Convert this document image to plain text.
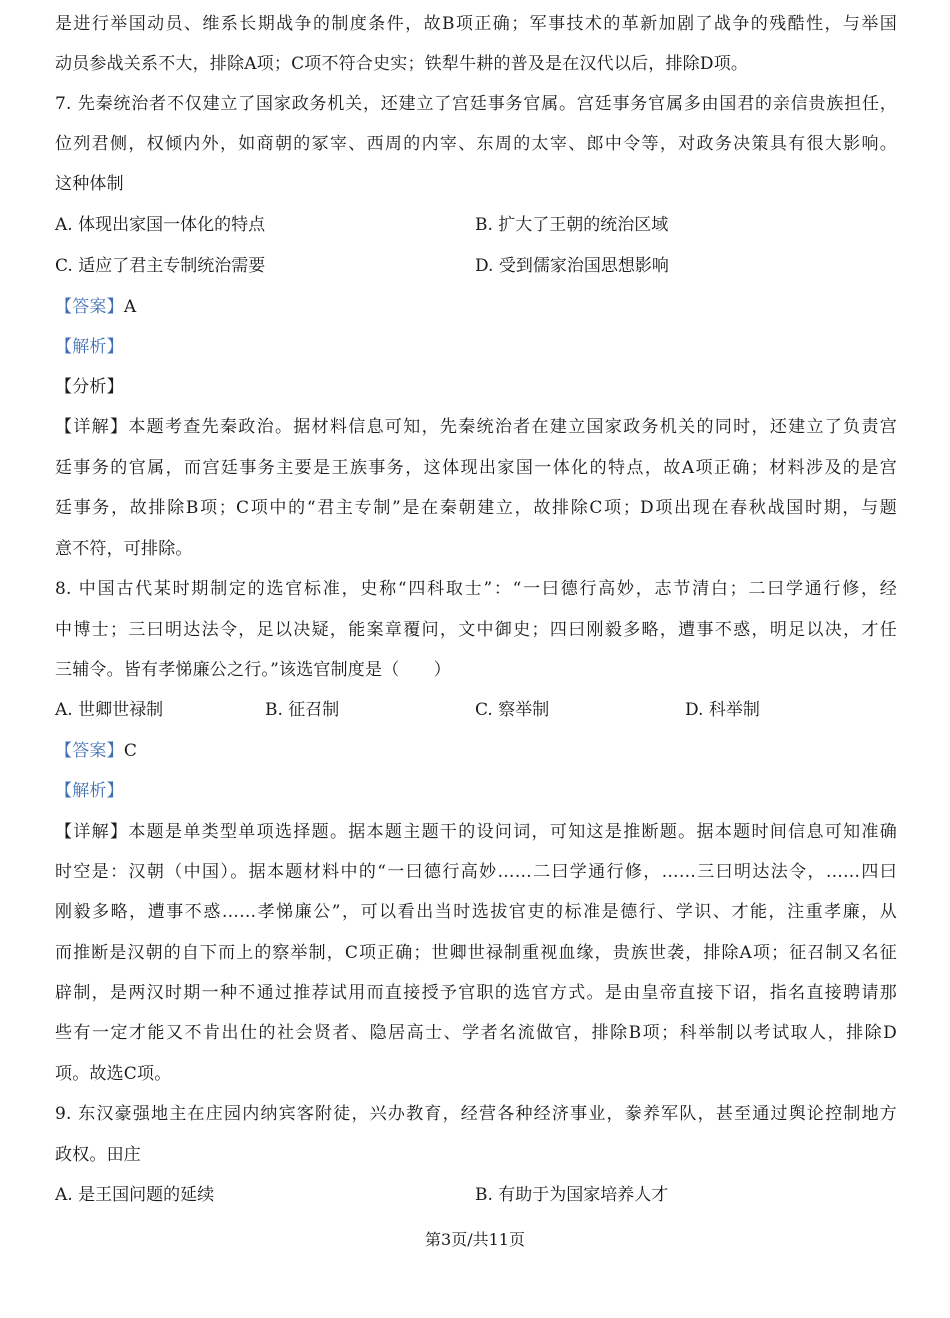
是进行举国动员、维系长期战争的制度条件，故B项正确；军事技术的革新加剧了战争的残酷性，与举国
动员参战关系不大，排除A项；C项不符合史实；铁犁牛耕的普及是在汉代以后，排除D项。
7. 先秦统治者不仅建立了国家政务机关，还建立了宫廷事务官属。宫廷事务官属多由国君的亲信贵族担任，
位列君侧，权倾内外，如商朝的冢宰、西周的内宰、东周的太宰、郎中令等，对政务决策具有很大影响。
这种体制
A. 体现出家国一体化的特点	B. 扩大了王朝的统治区域
C. 适应了君主专制统治需要	D. 受到儒家治国思想影响
【答案】A
【解析】
【分析】
【详解】本题考查先秦政治。据材料信息可知，先秦统治者在建立国家政务机关的同时，还建立了负责宫
廷事务的官属，而宫廷事务主要是王族事务，这体现出家国一体化的特点，故A项正确；材料涉及的是宫
廷事务，故排除B项；C项中的“君主专制”是在秦朝建立，故排除C项；D项出现在春秋战国时期，与题
意不符，可排除。
8. 中国古代某时期制定的选官标准，史称“四科取士”：“一曰德行高妙，志节清白；二曰学通行修，经
中博士；三曰明达法令，足以决疑，能案章覆问，文中御史；四曰刚毅多略，遭事不惑，明足以决，才任
三辅令。皆有孝悌廉公之行。”该选官制度是（　　）
A. 世卿世禄制	B. 征召制	C. 察举制	D. 科举制
【答案】C
【解析】
【详解】本题是单类型单项选择题。据本题主题干的设问词，可知这是推断题。据本题时间信息可知准确
时空是：汉朝（中国）。据本题材料中的“一曰德行高妙……二曰学通行修，……三曰明达法令，……四曰
刚毅多略，遭事不惑……孝悌廉公”，可以看出当时选拔官吏的标准是德行、学识、才能，注重孝廉，从
而推断是汉朝的自下而上的察举制，C项正确；世卿世禄制重视血缘，贵族世袭，排除A项；征召制又名征
辟制，是两汉时期一种不通过推荐试用而直接授予官职的选官方式。是由皇帝直接下诏，指名直接聘请那
些有一定才能又不肯出仕的社会贤者、隐居高士、学者名流做官，排除B项；科举制以考试取人，排除D
项。故选C项。
9. 东汉豪强地主在庄园内纳宾客附徒，兴办教育，经营各种经济事业，豢养军队，甚至通过舆论控制地方
政权。田庄
A. 是王国问题的延续	B. 有助于为国家培养人才
第3页/共11页
